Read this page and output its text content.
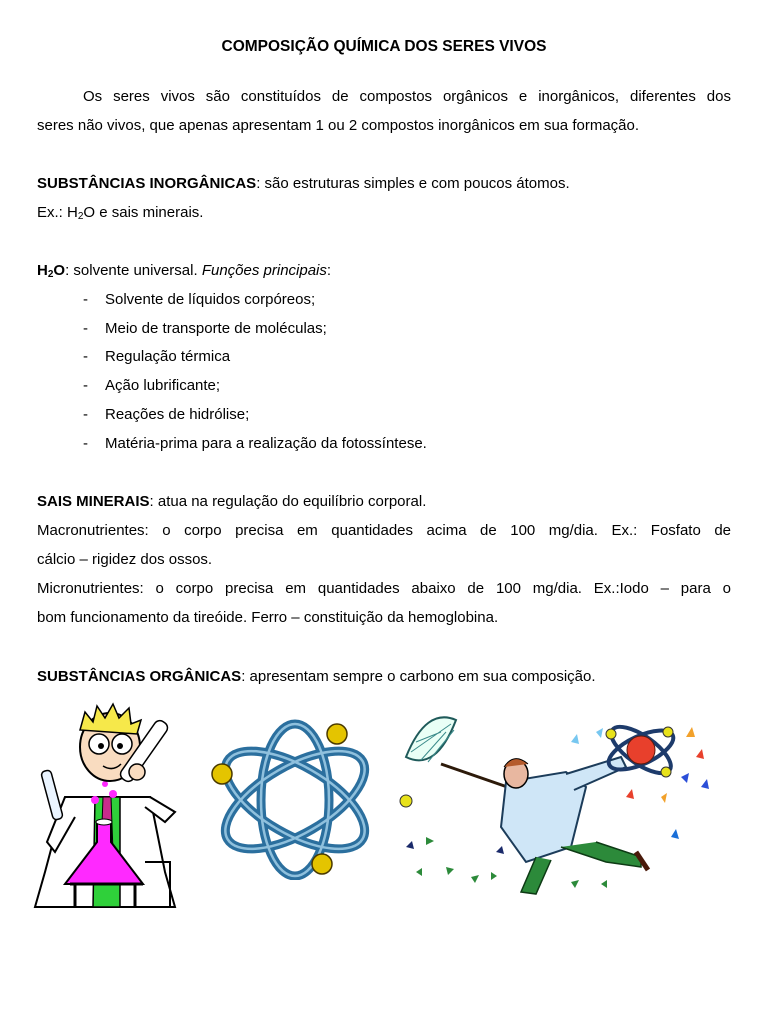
COMPOSIÇÃO QUÍMICA DOS SERES VIVOS
Os seres vivos são constituídos de compostos orgânicos e inorgânicos, diferentes dos
seres não vivos, que apenas apresentam 1 ou 2 compostos inorgânicos em sua formação.
SUBSTÂNCIAS INORGÂNICAS: são estruturas simples e com poucos átomos.
Ex.: $H_2O$ e sais minerais.
$H_2O$: solvente universal. Funções principais:
- Solvente de líquidos corpóreos;
- Meio de transporte de moléculas;
- Regulação térmica
- Ação lubrificante;
- Reações de hidrólise;
- Matéria-prima para a realização da fotossíntese.
SAIS MINERAIS: atua na regulação do equilíbrio corporal.
Macronutrientes: o corpo precisa em quantidades acima de 100 mg/dia. Ex.: Fosfato de
cálcio – rigidez dos ossos.
Micronutrientes: o corpo precisa em quantidades abaixo de 100 mg/dia. Ex.:Iodo – para o
bom funcionamento da tireóide. Ferro – constituição da hemoglobina.
SUBSTÂNCIAS ORGÂNICAS: apresentam sempre o carbono em sua composição.
